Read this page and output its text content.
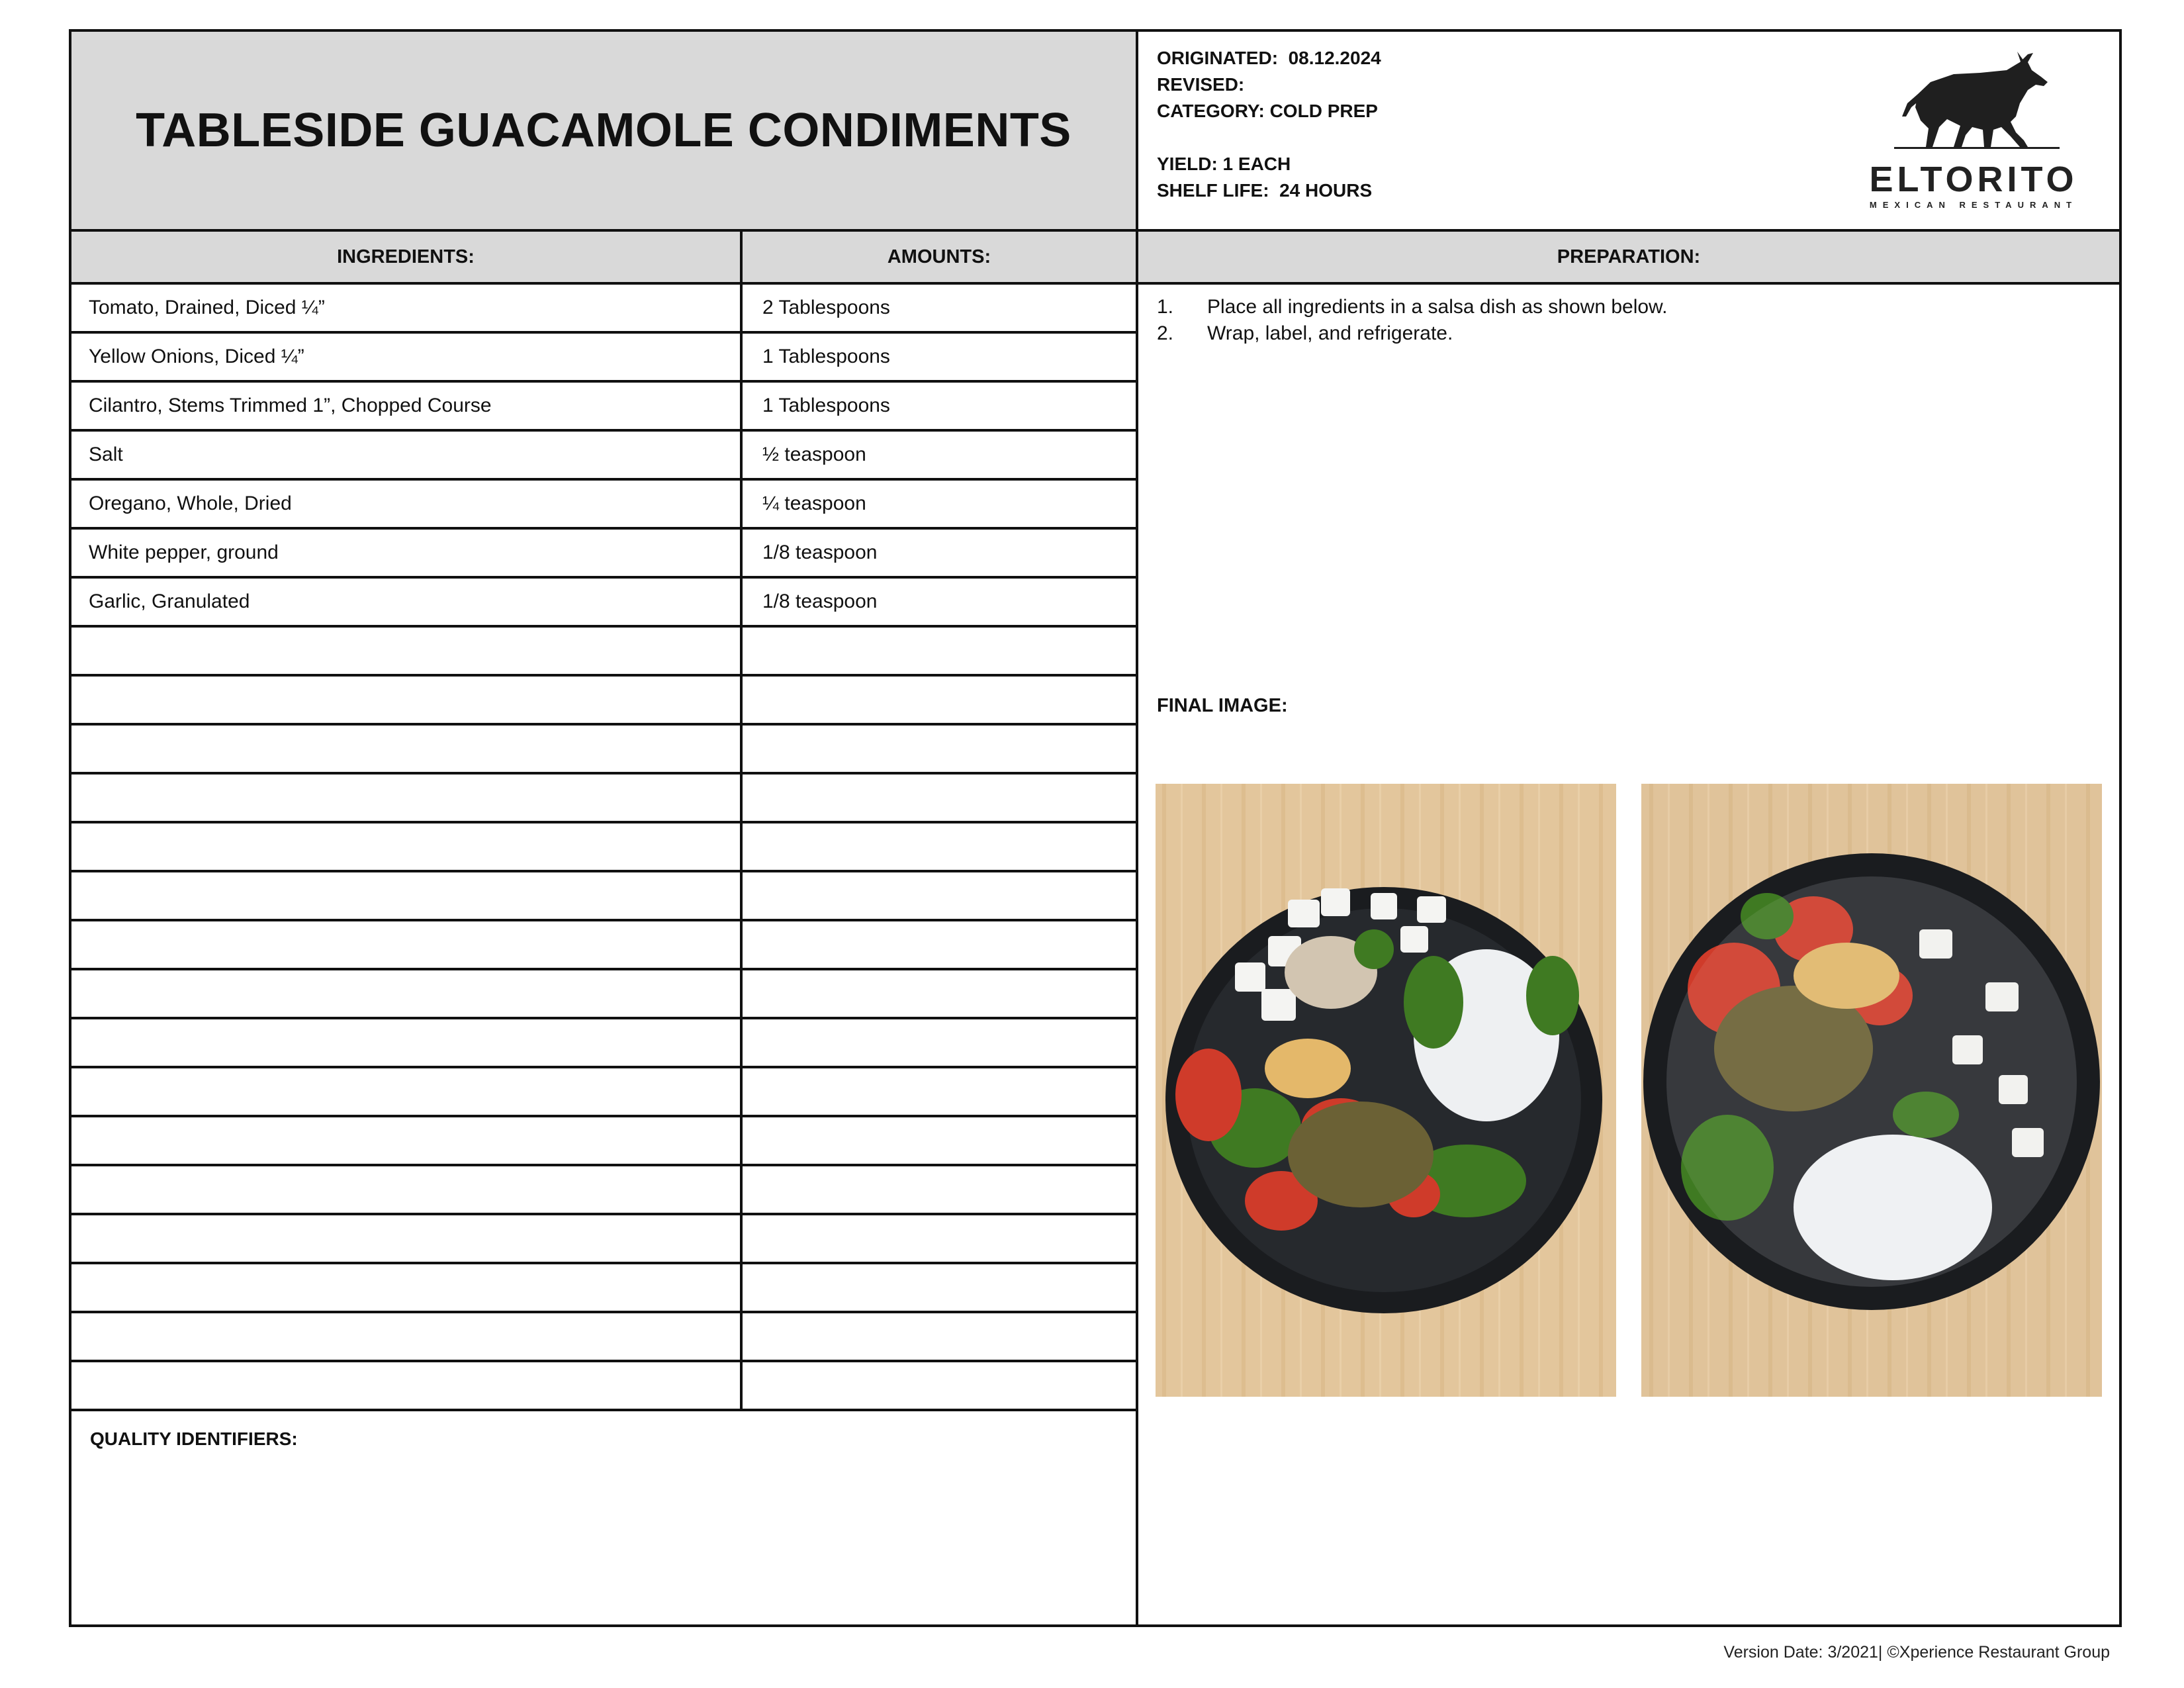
TABLESIDE GUACAMOLE CONDIMENTS
ORIGINATED:  08.12.2024
REVISED:
CATEGORY: COLD PREP
YIELD: 1 EACH
SHELF LIFE:  24 HOURS	ELTORITO
MEXICAN RESTAURANT
INGREDIENTS:	AMOUNTS:	PREPARATION:
Tomato, Drained, Diced ¼”	2 Tablespoons
Yellow Onions, Diced ¼”	1 Tablespoons
Cilantro, Stems Trimmed 1”, Chopped Course	1 Tablespoons
Salt	½ teaspoon
Oregano, Whole, Dried	¼ teaspoon
White pepper, ground	1/8 teaspoon
Garlic, Granulated	1/8 teaspoon
QUALITY IDENTIFIERS:
1.	Place all ingredients in a salsa dish as shown below.
2.	Wrap, label, and refrigerate.
FINAL IMAGE:
Version Date: 3/2021| ©Xperience Restaurant Group
